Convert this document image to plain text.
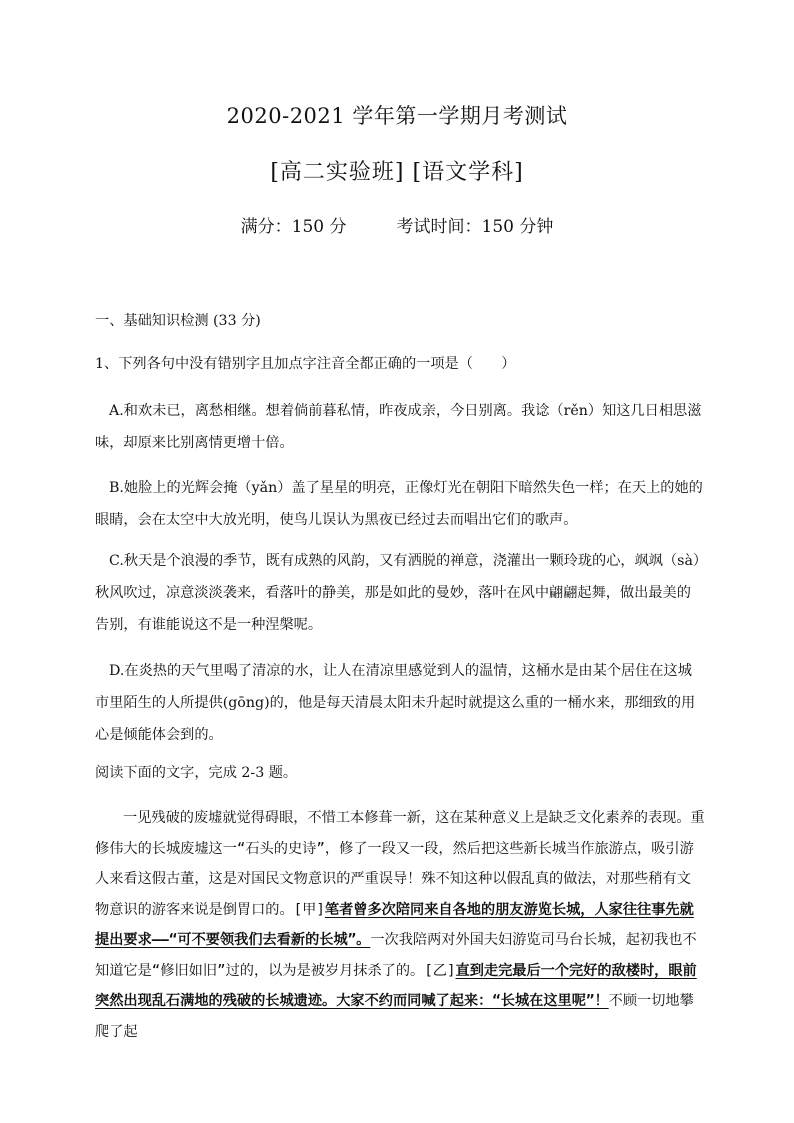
2020-2021 学年第一学期月考测试
[高二实验班] [语文学科]
满分：150 分	考试时间：150 分钟
一、基础知识检测 (33 分)
1、下列各句中没有错别字且加点字注音全都正确的一项是（　　）
A.和欢未已，离愁相继。想着倘前暮私情，昨夜成亲，今日别离。我谂（rěn）知这几日相思滋味，却原来比别离情更增十倍。
B.她脸上的光辉会掩（yǎn）盖了星星的明亮，正像灯光在朝阳下暗然失色一样；在天上的她的眼睛，会在太空中大放光明，使鸟儿误认为黑夜已经过去而唱出它们的歌声。
C.秋天是个浪漫的季节，既有成熟的风韵，又有洒脱的禅意，浇灌出一颗玲珑的心，飒飒（sà）秋风吹过，凉意淡淡袭来，看落叶的静美，那是如此的曼妙，落叶在风中翩翩起舞，做出最美的告别，有谁能说这不是一种涅槃呢。
D.在炎热的天气里喝了清凉的水，让人在清凉里感觉到人的温情，这桶水是由某个居住在这城市里陌生的人所提供(gōng)的，他是每天清晨太阳未升起时就提这么重的一桶水来，那细致的用心是倾能体会到的。
阅读下面的文字，完成 2-3 题。
一见残破的废墟就觉得碍眼，不惜工本修葺一新，这在某种意义上是缺乏文化素养的表现。重修伟大的长城废墟这一“石头的史诗”，修了一段又一段，然后把这些新长城当作旅游点，吸引游人来看这假古董，这是对国民文物意识的严重误导！殊不知这种以假乱真的做法，对那些稍有文物意识的游客来说是倒胃口的。[甲]笔者曾多次陪同来自各地的朋友游览长城，人家往往事先就提出要求——“可不要领我们去看新的长城”。一次我陪两对外国夫妇游览司马台长城，起初我也不知道它是“修旧如旧”过的，以为是被岁月抹杀了的。[乙]直到走完最后一个完好的敌楼时，眼前突然出现乱石满地的残破的长城遗迹。大家不约而同喊了起来：“长城在这里呢”！不顾一切地攀爬了起
